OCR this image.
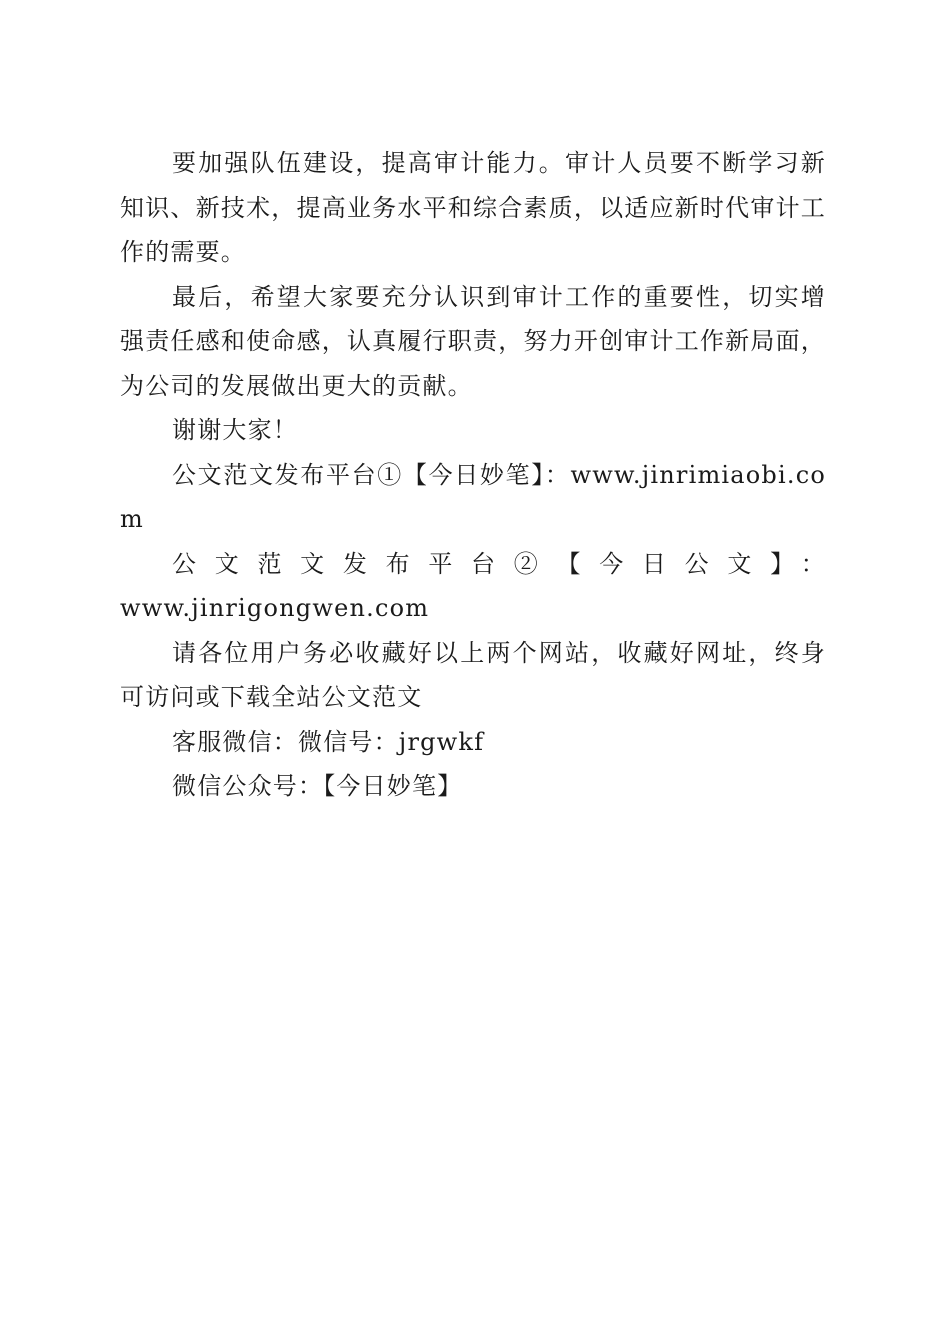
要加强队伍建设，提高审计能力。审计人员要不断学习新知识、新技术，提高业务水平和综合素质，以适应新时代审计工作的需要。

最后，希望大家要充分认识到审计工作的重要性，切实增强责任感和使命感，认真履行职责，努力开创审计工作新局面，为公司的发展做出更大的贡献。

谢谢大家！

公文范文发布平台①【今日妙笔】：www.jinrimiaobi.com

公文范文发布平台②【今日公文】：

www.jinrigongwen.com

请各位用户务必收藏好以上两个网站，收藏好网址，终身可访问或下载全站公文范文

客服微信：微信号：jrgwkf

微信公众号：【今日妙笔】
